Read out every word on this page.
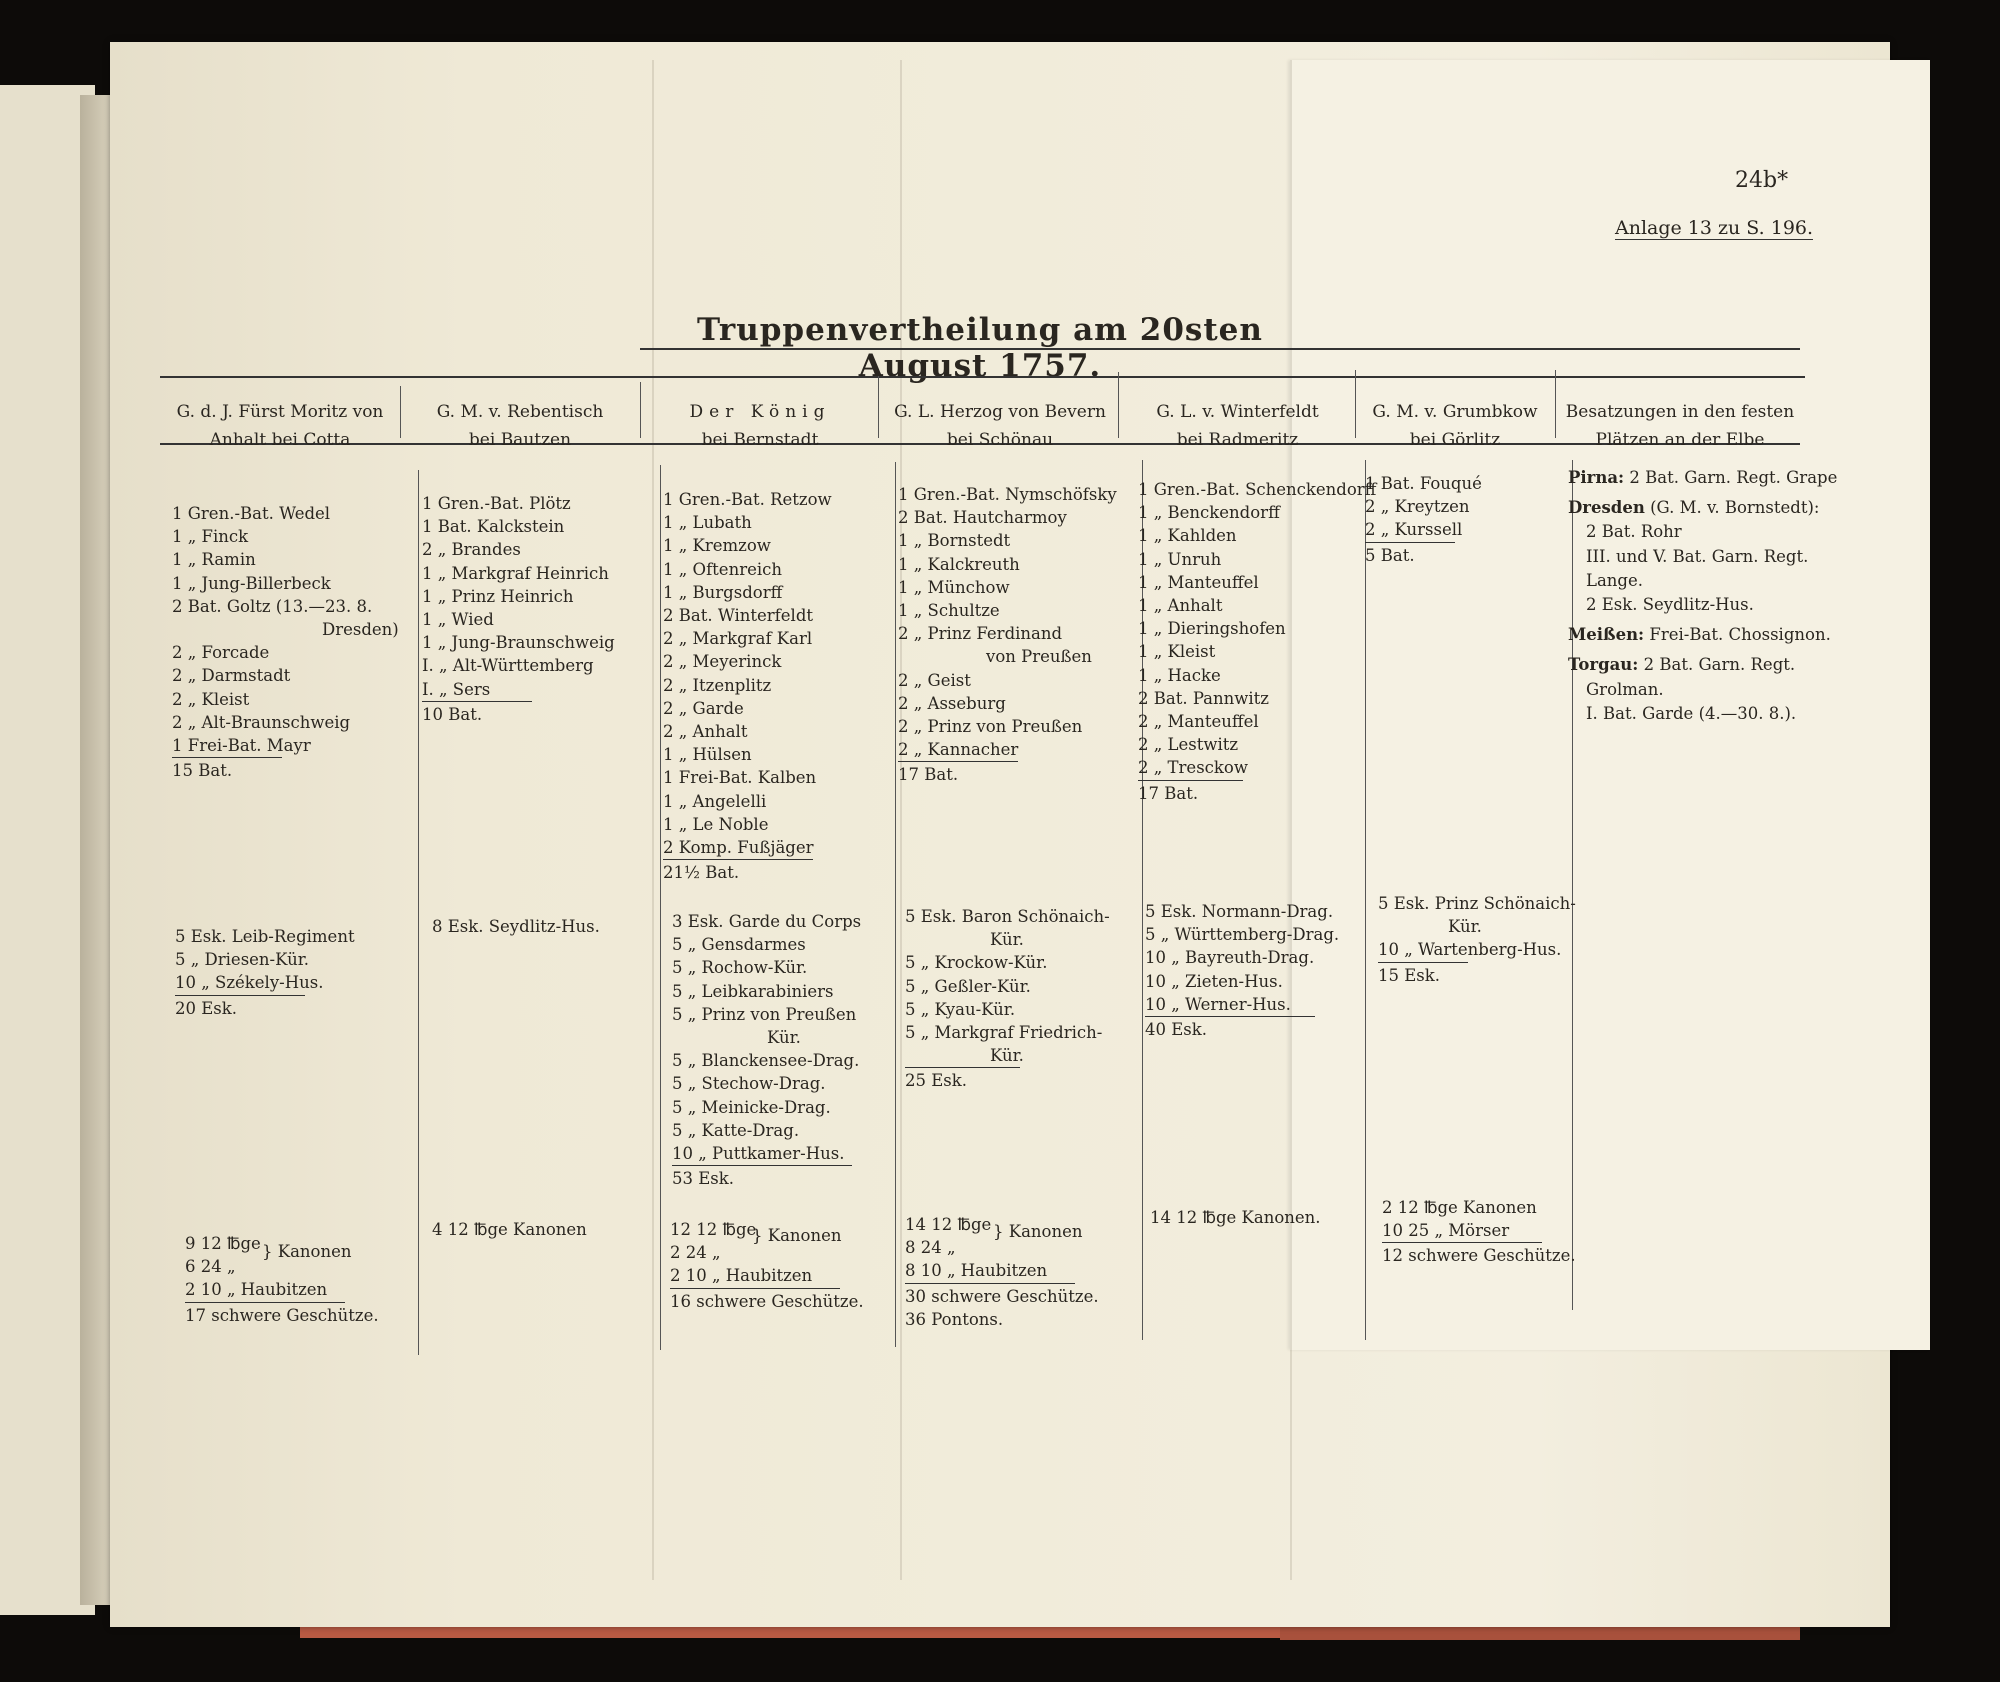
24b*
Anlage 13 zu S. 196.
Truppenvertheilung am 20sten August 1757.
G. d. J. Fürst Moritz von
Anhalt bei Cotta
G. M. v. Rebentisch
bei Bautzen
Der König
bei Bernstadt
G. L. Herzog von Bevern
bei Schönau
G. L. v. Winterfeldt
bei Radmeritz
G. M. v. Grumbkow
bei Görlitz
Besatzungen in den festen
Plätzen an der Elbe
1 Gren.-Bat. Wedel
1 „ Finck
1 „ Ramin
1 „ Jung-Billerbeck
2 Bat. Goltz (13.—23. 8.
Dresden)
2 „ Forcade
2 „ Darmstadt
2 „ Kleist
2 „ Alt-Braunschweig
1 Frei-Bat. Mayr
15 Bat.
5 Esk. Leib-Regiment
5 „ Driesen-Kür.
10 „ Székely-Hus.
20 Esk.
9 12 ℔ge
6 24 „
2 10 „ Haubitzen
17 schwere Geschütze.
} Kanonen
1 Gren.-Bat. Plötz
1 Bat. Kalckstein
2 „ Brandes
1 „ Markgraf Heinrich
1 „ Prinz Heinrich
1 „ Wied
1 „ Jung-Braunschweig
I. „ Alt-Württemberg
I. „ Sers
10 Bat.
8 Esk. Seydlitz-Hus.
4 12 ℔ge Kanonen
1 Gren.-Bat. Retzow
1 „ Lubath
1 „ Kremzow
1 „ Oftenreich
1 „ Burgsdorff
2 Bat. Winterfeldt
2 „ Markgraf Karl
2 „ Meyerinck
2 „ Itzenplitz
2 „ Garde
2 „ Anhalt
1 „ Hülsen
1 Frei-Bat. Kalben
1 „ Angelelli
1 „ Le Noble
2 Komp. Fußjäger
21½ Bat.
3 Esk. Garde du Corps
5 „ Gensdarmes
5 „ Rochow-Kür.
5 „ Leibkarabiniers
5 „ Prinz von Preußen
Kür.
5 „ Blanckensee-Drag.
5 „ Stechow-Drag.
5 „ Meinicke-Drag.
5 „ Katte-Drag.
10 „ Puttkamer-Hus.
53 Esk.
12 12 ℔ge
2 24 „
2 10 „ Haubitzen
16 schwere Geschütze.
} Kanonen
1 Gren.-Bat. Nymschöfsky
2 Bat. Hautcharmoy
1 „ Bornstedt
1 „ Kalckreuth
1 „ Münchow
1 „ Schultze
2 „ Prinz Ferdinand
von Preußen
2 „ Geist
2 „ Asseburg
2 „ Prinz von Preußen
2 „ Kannacher
17 Bat.
5 Esk. Baron Schönaich-
Kür.
5 „ Krockow-Kür.
5 „ Geßler-Kür.
5 „ Kyau-Kür.
5 „ Markgraf Friedrich-
Kür.
25 Esk.
14 12 ℔ge
8 24 „
8 10 „ Haubitzen
30 schwere Geschütze.
36 Pontons.
} Kanonen
1 Gren.-Bat. Schenckendorff
1 „ Benckendorff
1 „ Kahlden
1 „ Unruh
1 „ Manteuffel
1 „ Anhalt
1 „ Dieringshofen
1 „ Kleist
1 „ Hacke
2 Bat. Pannwitz
2 „ Manteuffel
2 „ Lestwitz
2 „ Tresckow
17 Bat.
5 Esk. Normann-Drag.
5 „ Württemberg-Drag.
10 „ Bayreuth-Drag.
10 „ Zieten-Hus.
10 „ Werner-Hus.
40 Esk.
14 12 ℔ge Kanonen.
1 Bat. Fouqué
2 „ Kreytzen
2 „ Kurssell
5 Bat.
5 Esk. Prinz Schönaich-
Kür.
10 „ Wartenberg-Hus.
15 Esk.
2 12 ℔ge Kanonen
10 25 „ Mörser
12 schwere Geschütze.
Pirna: 2 Bat. Garn. Regt. Grape
Dresden (G. M. v. Bornstedt):
2 Bat. Rohr
III. und V. Bat. Garn. Regt.
Lange.
2 Esk. Seydlitz-Hus.
Meißen: Frei-Bat. Chossignon.
Torgau: 2 Bat. Garn. Regt.
Grolman.
I. Bat. Garde (4.—30. 8.).
